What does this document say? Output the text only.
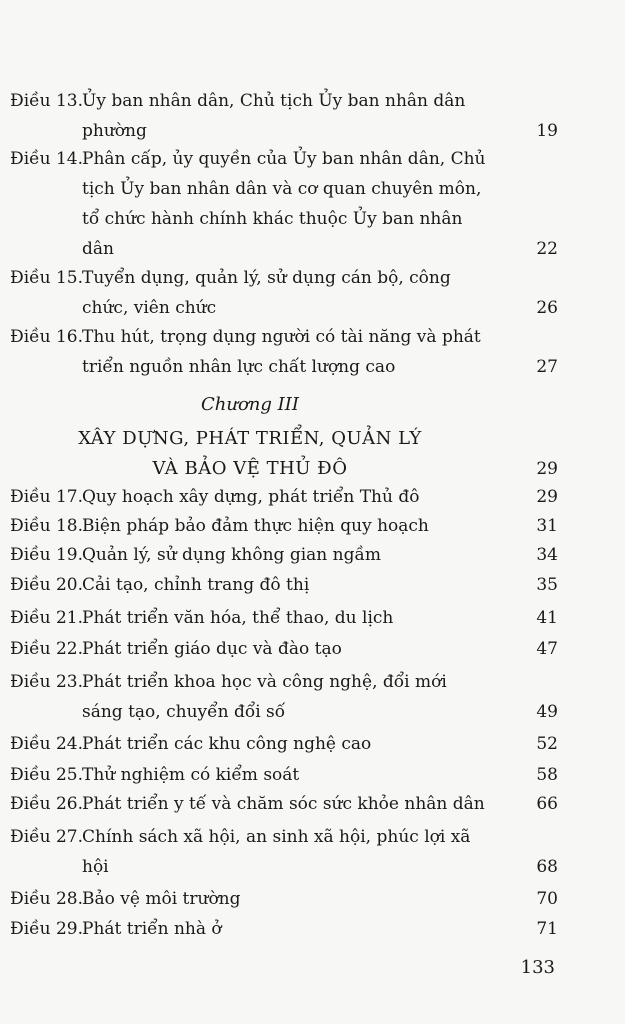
Điều 13.
Ủy ban nhân dân, Chủ tịch Ủy ban nhân dân phường	19
Điều 14.
Phân cấp, ủy quyền của Ủy ban nhân dân, Chủ tịch Ủy ban nhân dân và cơ quan chuyên môn, tổ chức hành chính khác thuộc Ủy ban nhân dân	22
Điều 15.
Tuyển dụng, quản lý, sử dụng cán bộ, công chức, viên chức	26
Điều 16.
Thu hút, trọng dụng người có tài năng và phát triển nguồn nhân lực chất lượng cao	27
Chương III
XÂY DỰNG, PHÁT TRIỂN, QUẢN LÝ
VÀ BẢO VỆ THỦ ĐÔ	29
Điều 17.
Quy hoạch xây dựng, phát triển Thủ đô	29
Điều 18.
Biện pháp bảo đảm thực hiện quy hoạch	31
Điều 19.
Quản lý, sử dụng không gian ngầm	34
Điều 20.
Cải tạo, chỉnh trang đô thị	35
Điều 21.
Phát triển văn hóa, thể thao, du lịch	41
Điều 22.
Phát triển giáo dục và đào tạo	47
Điều 23.
Phát triển khoa học và công nghệ, đổi mới sáng tạo, chuyển đổi số	49
Điều 24.
Phát triển các khu công nghệ cao	52
Điều 25.
Thử nghiệm có kiểm soát	58
Điều 26.
Phát triển y tế và chăm sóc sức khỏe nhân dân	66
Điều 27.
Chính sách xã hội, an sinh xã hội, phúc lợi xã hội	68
Điều 28.
Bảo vệ môi trường	70
Điều 29.
Phát triển nhà ở	71
133
